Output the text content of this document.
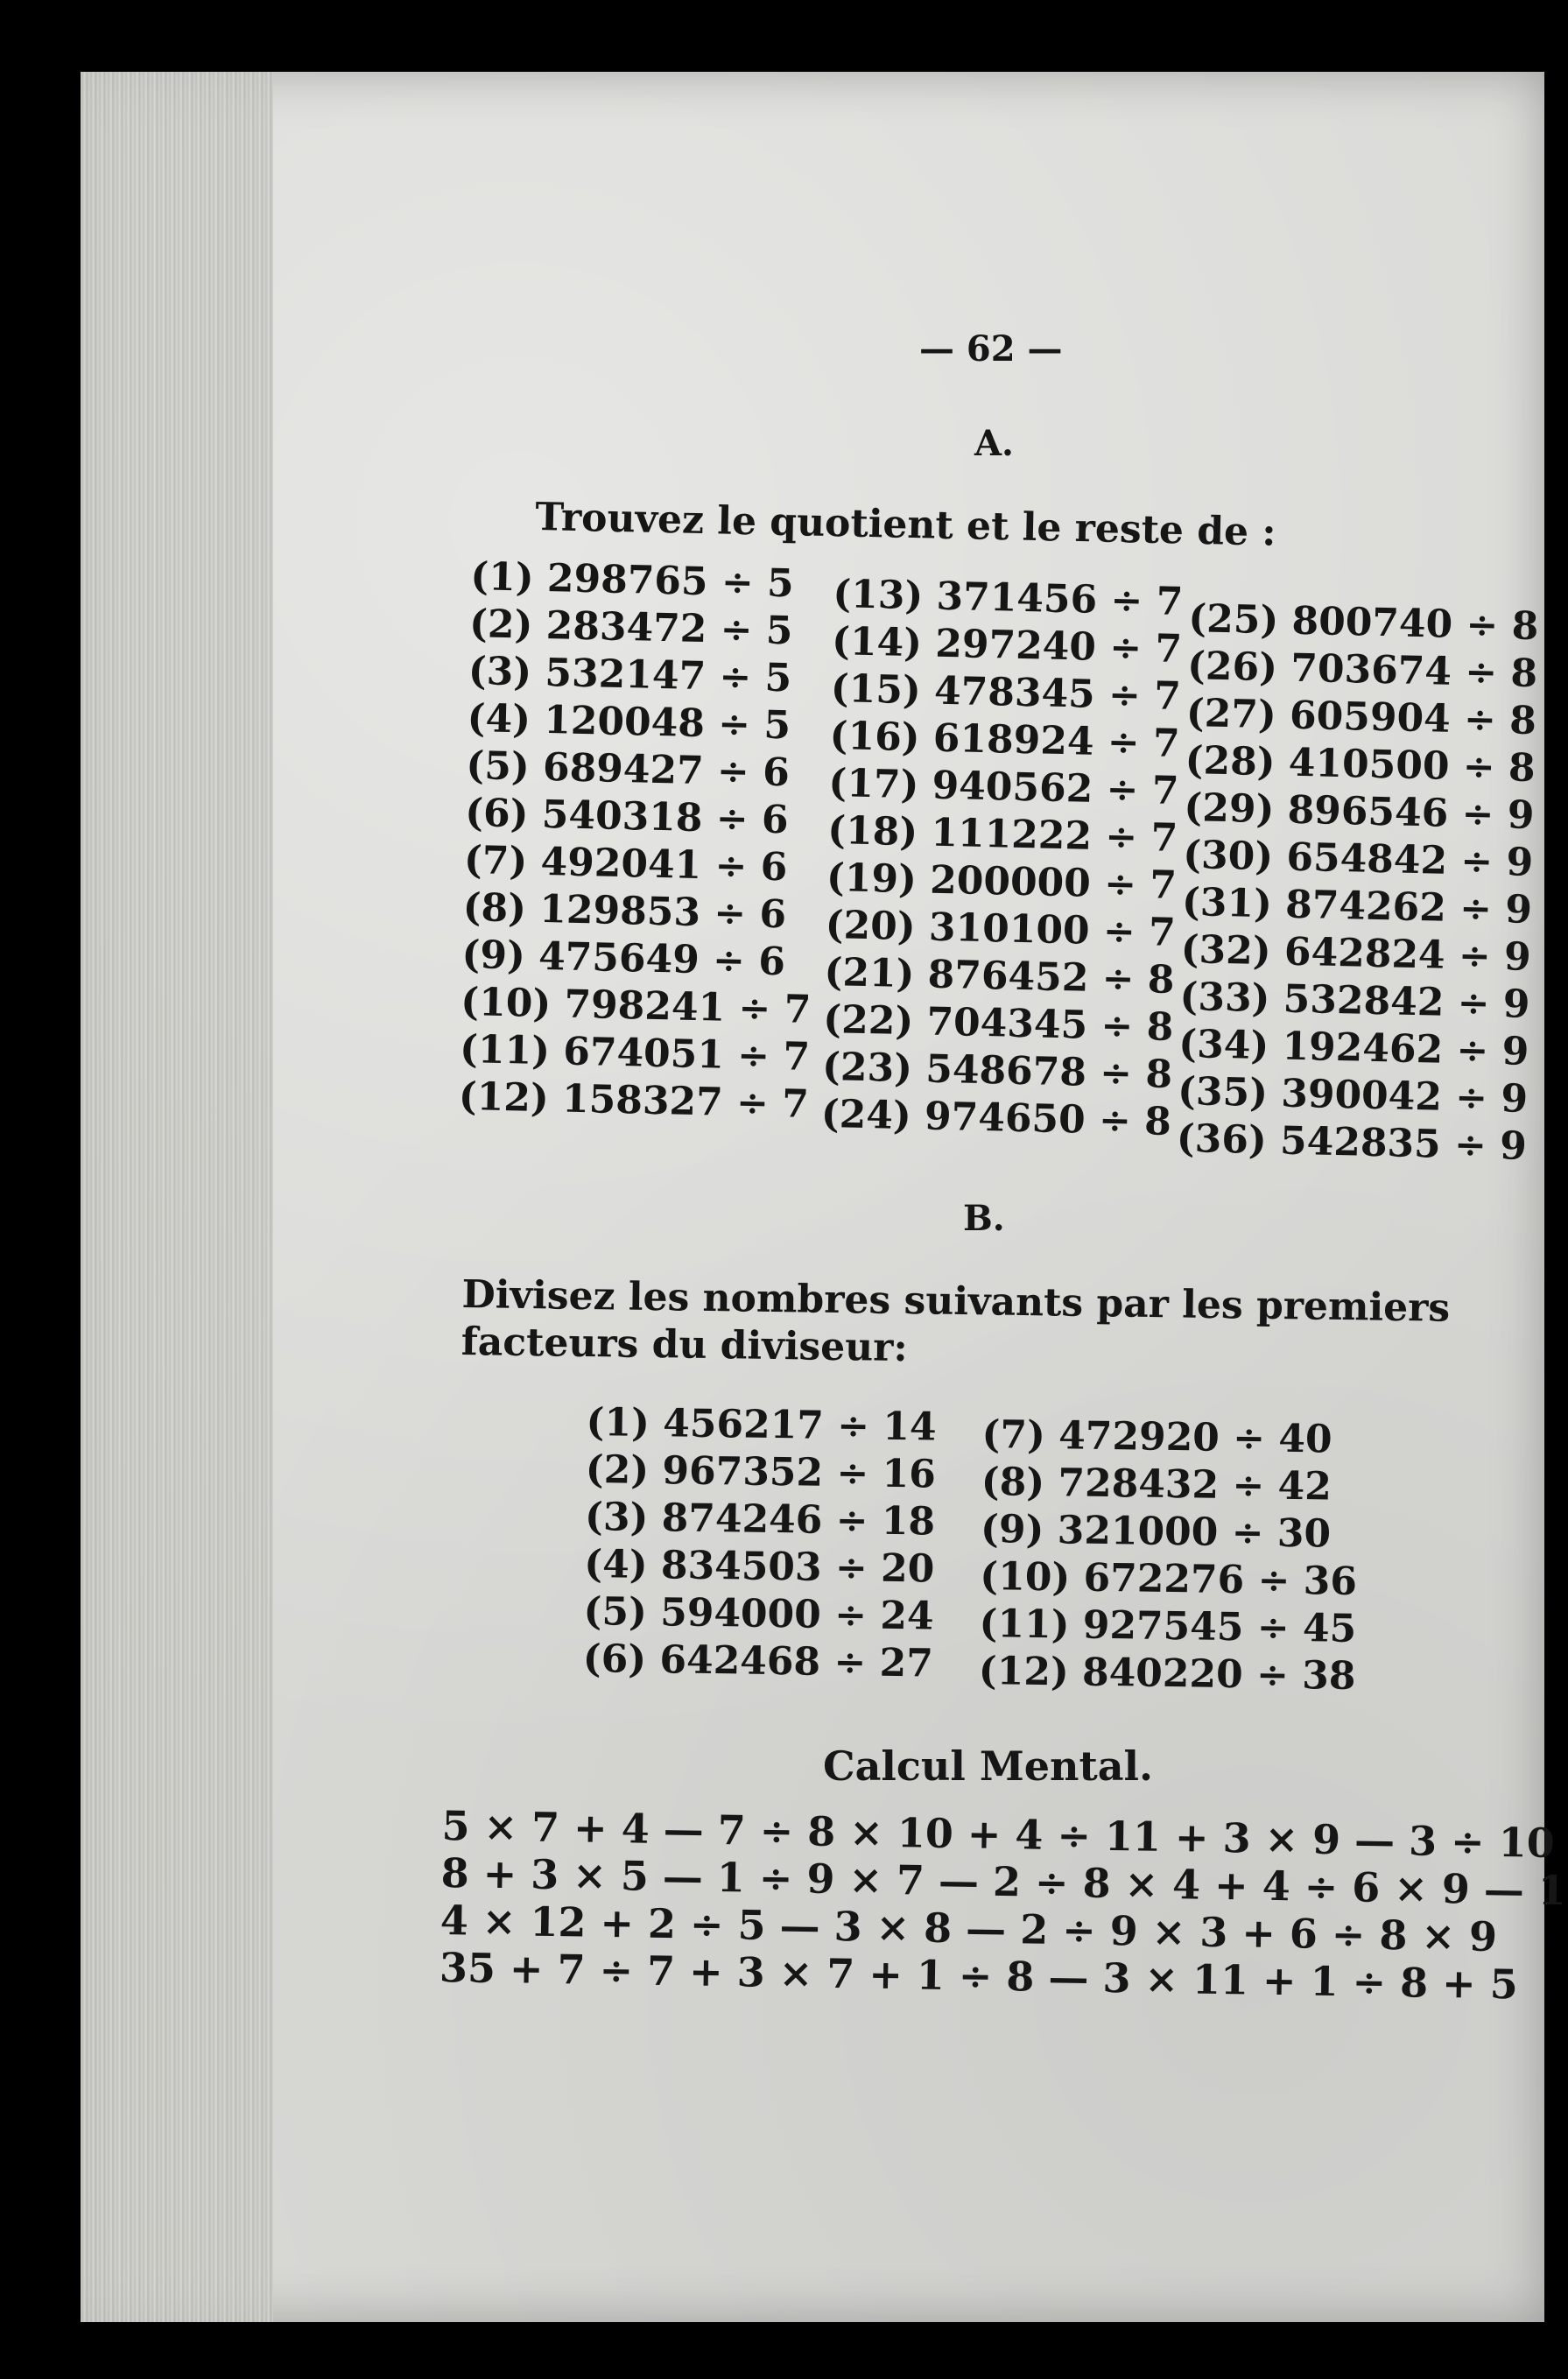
— 62 —
A.
Trouvez le quotient et le reste de :
(1) 298765 ÷ 5
(2) 283472 ÷ 5
(3) 532147 ÷ 5
(4) 120048 ÷ 5
(5) 689427 ÷ 6
(6) 540318 ÷ 6
(7) 492041 ÷ 6
(8) 129853 ÷ 6
(9) 475649 ÷ 6
(10) 798241 ÷ 7
(11) 674051 ÷ 7
(12) 158327 ÷ 7
(13) 371456 ÷ 7
(14) 297240 ÷ 7
(15) 478345 ÷ 7
(16) 618924 ÷ 7
(17) 940562 ÷ 7
(18) 111222 ÷ 7
(19) 200000 ÷ 7
(20) 310100 ÷ 7
(21) 876452 ÷ 8
(22) 704345 ÷ 8
(23) 548678 ÷ 8
(24) 974650 ÷ 8
(25) 800740 ÷ 8
(26) 703674 ÷ 8
(27) 605904 ÷ 8
(28) 410500 ÷ 8
(29) 896546 ÷ 9
(30) 654842 ÷ 9
(31) 874262 ÷ 9
(32) 642824 ÷ 9
(33) 532842 ÷ 9
(34) 192462 ÷ 9
(35) 390042 ÷ 9
(36) 542835 ÷ 9
B.
Divisez les nombres suivants par les premiers facteurs du diviseur:
(1) 456217 ÷ 14
(2) 967352 ÷ 16
(3) 874246 ÷ 18
(4) 834503 ÷ 20
(5) 594000 ÷ 24
(6) 642468 ÷ 27
(7) 472920 ÷ 40
(8) 728432 ÷ 42
(9) 321000 ÷ 30
(10) 672276 ÷ 36
(11) 927545 ÷ 45
(12) 840220 ÷ 38
Calcul Mental.
5 × 7 + 4 — 7 ÷ 8 × 10 + 4 ÷ 11 + 3 × 9 — 3 ÷ 10
8 + 3 × 5 — 1 ÷ 9 × 7 — 2 ÷ 8 × 4 + 4 ÷ 6 × 9 — 1
4 × 12 + 2 ÷ 5 — 3 × 8 — 2 ÷ 9 × 3 + 6 ÷ 8 × 9
35 + 7 ÷ 7 + 3 × 7 + 1 ÷ 8 — 3 × 11 + 1 ÷ 8 + 5
